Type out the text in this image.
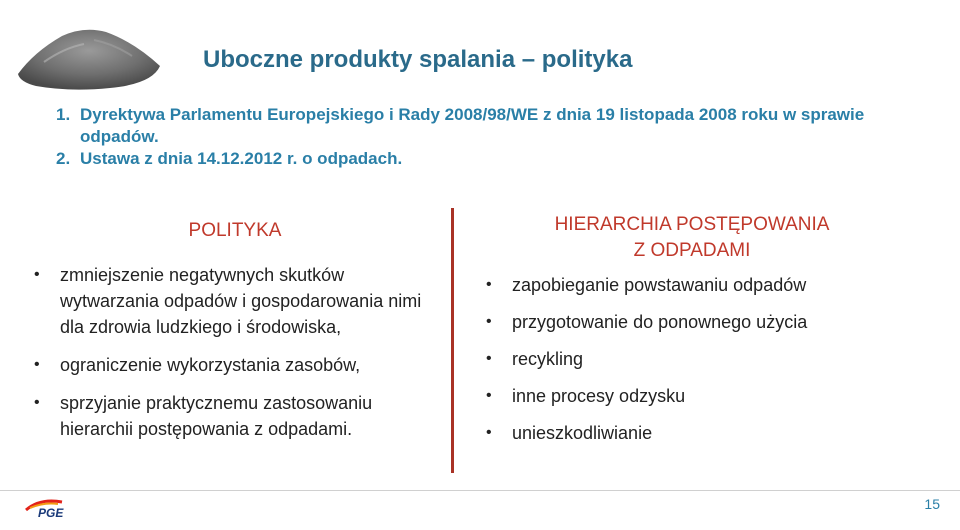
Uboczne produkty spalania – polityka
1. Dyrektywa Parlamentu Europejskiego i Rady 2008/98/WE z dnia 19 listopada 2008 roku w sprawie odpadów.
2. Ustawa z dnia 14.12.2012 r. o odpadach.
POLITYKA
• zmniejszenie negatywnych skutków wytwarzania odpadów i gospodarowania nimi dla zdrowia ludzkiego i środowiska,
• ograniczenie wykorzystania zasobów,
• sprzyjanie praktycznemu zastosowaniu hierarchii postępowania z odpadami.
HIERARCHIA POSTĘPOWANIA
Z ODPADAMI
• zapobieganie powstawaniu odpadów
• przygotowanie do ponownego użycia
• recykling
• inne procesy odzysku
• unieszkodliwianie
PGE
15
